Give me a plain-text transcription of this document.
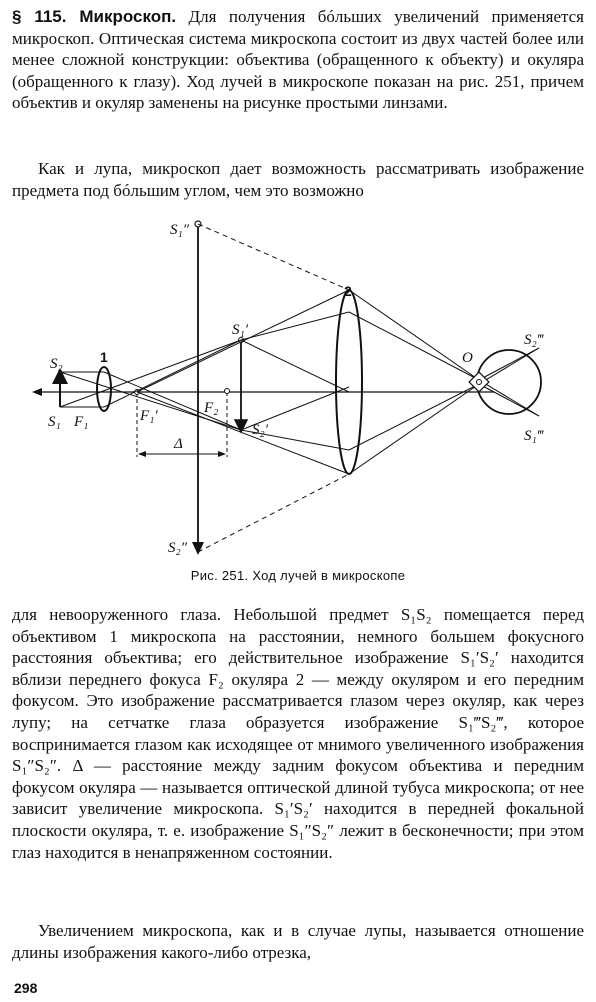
§ 115. Микроскоп. Для получения бóльших увеличений применяется микроскоп. Оптическая система микроскопа состоит из двух частей более или менее сложной конструкции: объектива (обращенного к объекту) и окуляра (обращенного к глазу). Ход лучей в микроскопе показан на рис. 251, причем объектив и окуляр заменены на рисунке простыми линзами.

Как и лупа, микроскоп дает возможность рассматривать изображение предмета под бóльшим углом, чем это возможно

S₁″
S₂″
S₁′
S₂′
S₂
S₁ F₁	F₁′	F₂
Δ
1
2
O
S₂‴
S₁‴
Рис. 251. Ход лучей в микроскопе

для невооруженного глаза. Небольшой предмет S₁S₂ помещается перед объективом 1 микроскопа на расстоянии, немного большем фокусного расстояния объектива; его действительное изображение S₁′S₂′ находится вблизи переднего фокуса F₂ окуляра 2 — между окуляром и его передним фокусом. Это изображение рассматривается глазом через окуляр, как через лупу; на сетчатке глаза образуется изображение S₁‴S₂‴, которое воспринимается глазом как исходящее от мнимого увеличенного изображения S₁″S₂″. Δ — расстояние между задним фокусом объектива и передним фокусом окуляра — называется оптической длиной тубуса микроскопа; от нее зависит увеличение микроскопа. S₁′S₂′ находится в передней фокальной плоскости окуляра, т. е. изображение S₁″S₂″ лежит в бесконечности; при этом глаз находится в ненапряженном состоянии.

Увеличением микроскопа, как и в случае лупы, называется отношение длины изображения какого-либо отрезка,

298
